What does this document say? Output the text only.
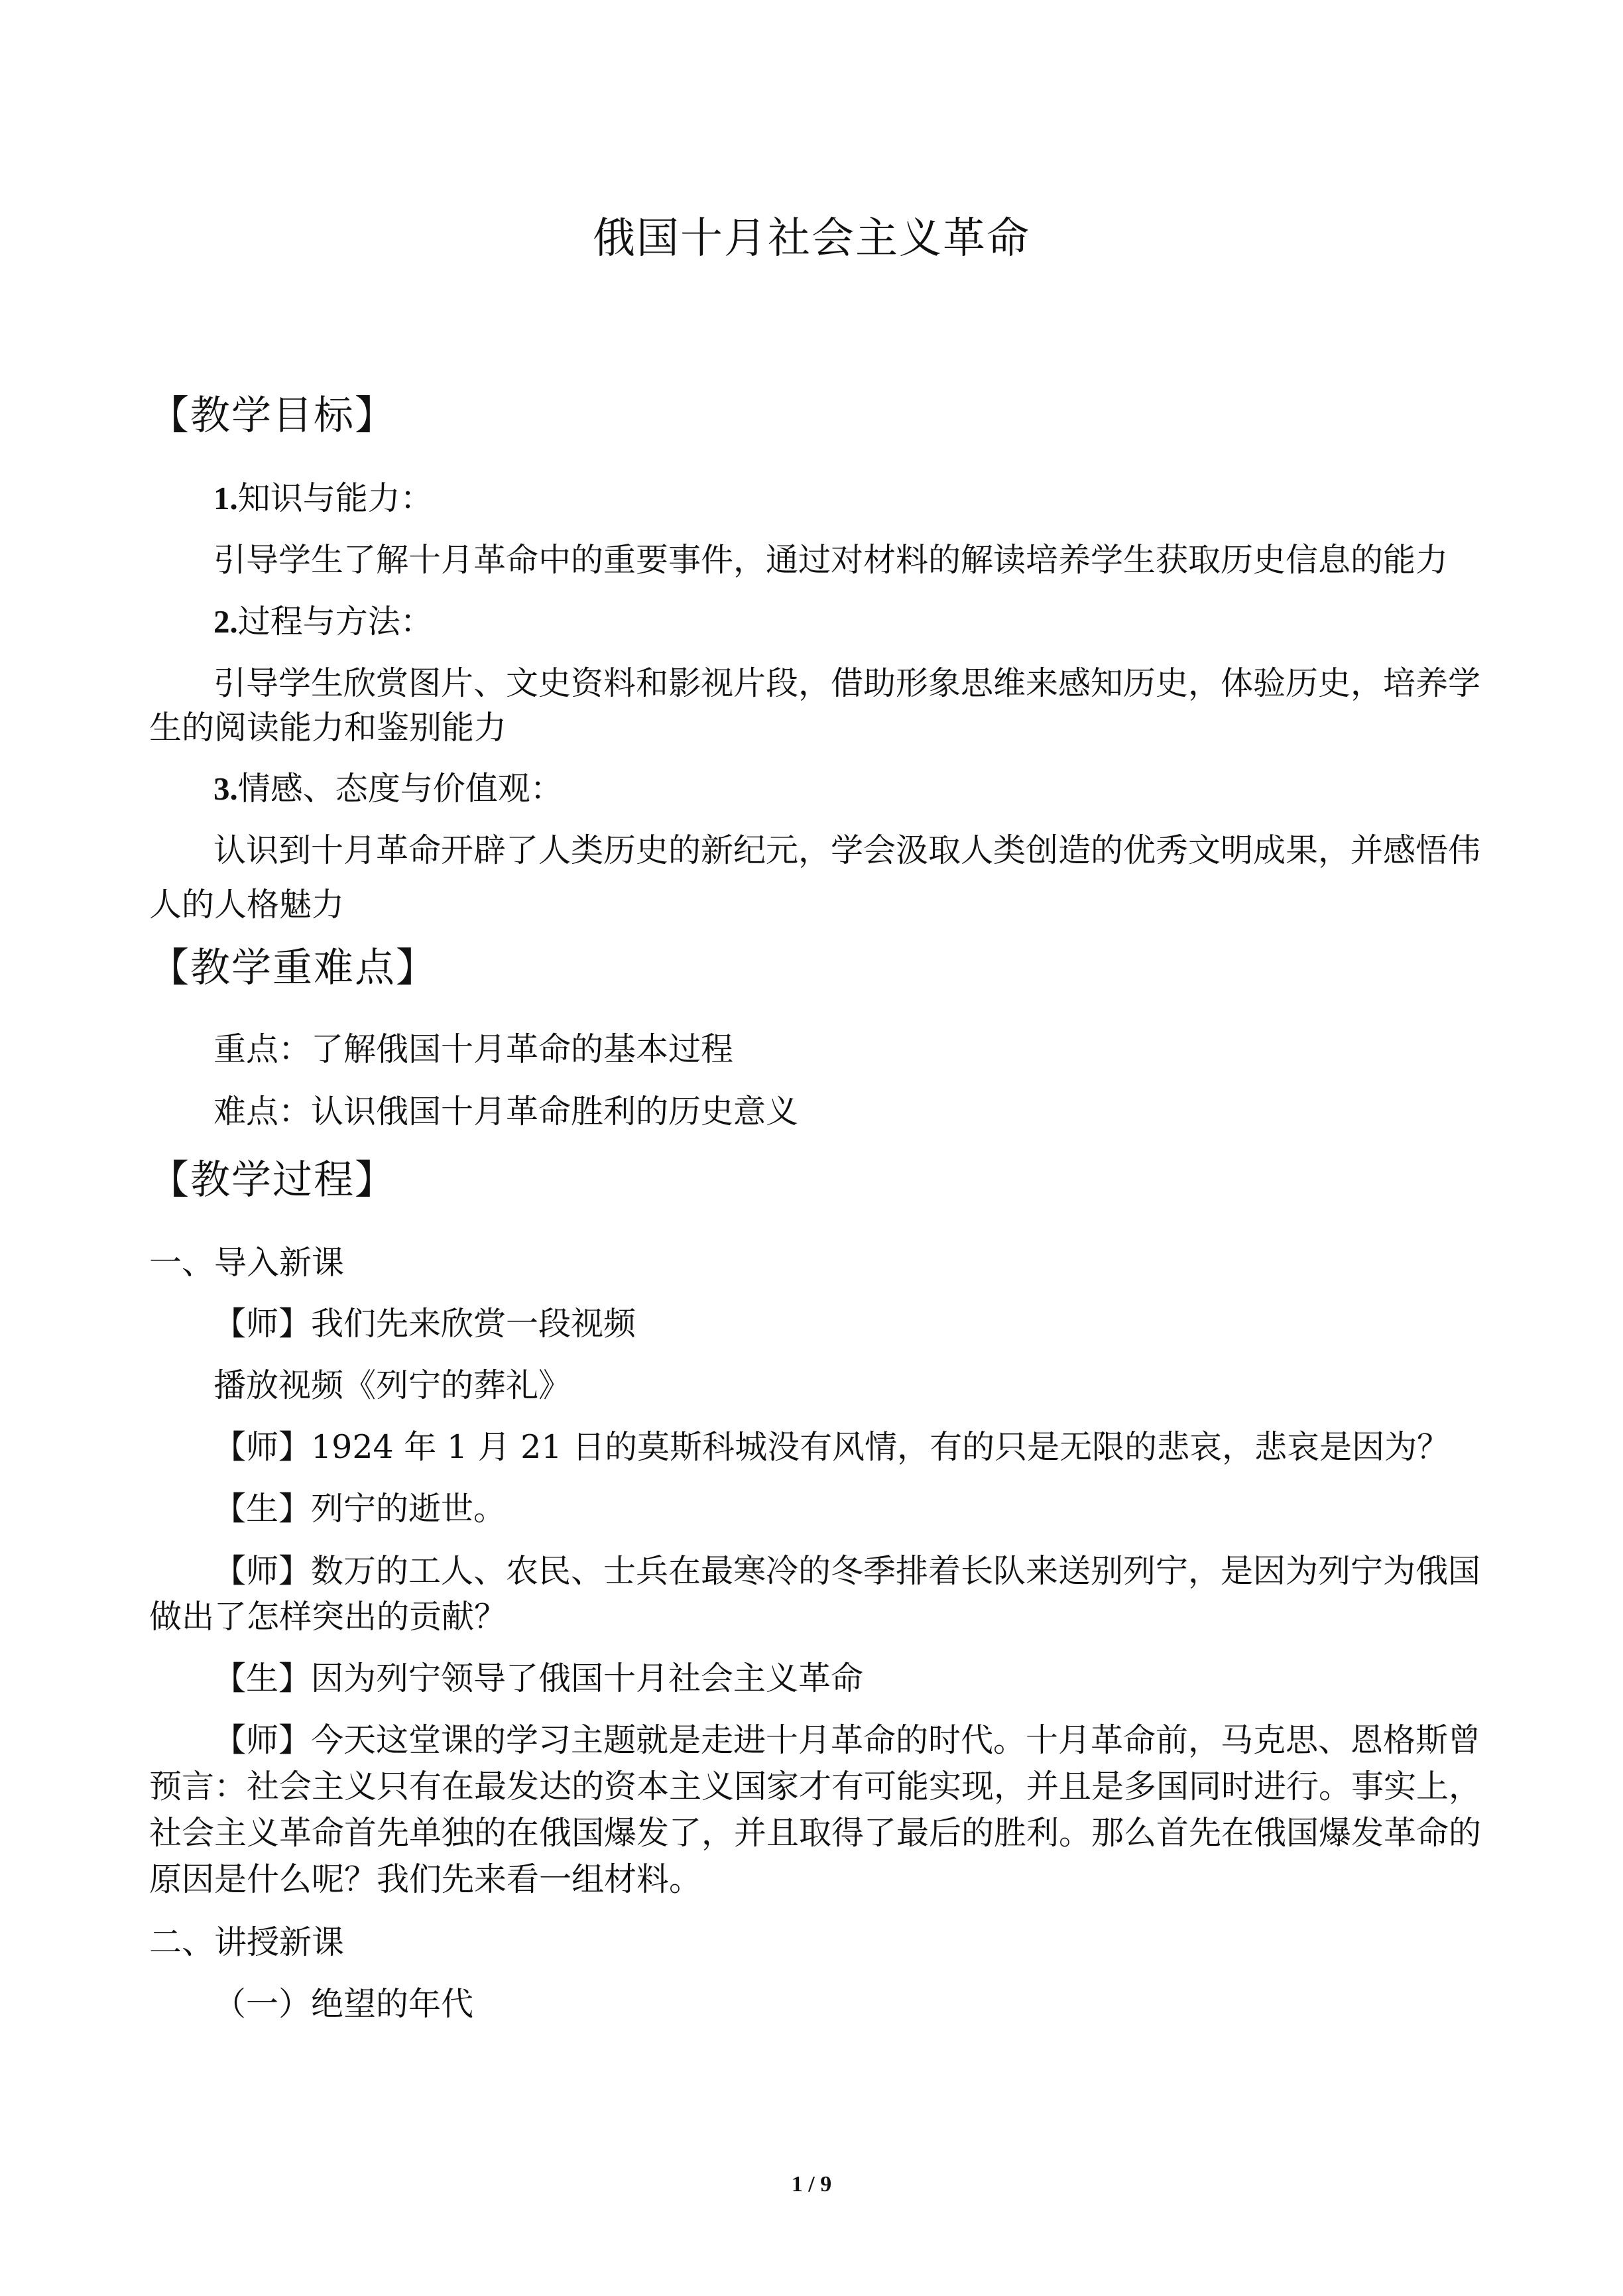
俄国十月社会主义革命
【教学目标】
1.知识与能力：
引导学生了解十月革命中的重要事件，通过对材料的解读培养学生获取历史信息的能力
2.过程与方法：
引导学生欣赏图片、文史资料和影视片段，借助形象思维来感知历史，体验历史，培养学
生的阅读能力和鉴别能力
3.情感、态度与价值观：
认识到十月革命开辟了人类历史的新纪元，学会汲取人类创造的优秀文明成果，并感悟伟
人的人格魅力
【教学重难点】
重点：了解俄国十月革命的基本过程
难点：认识俄国十月革命胜利的历史意义
【教学过程】
一、导入新课
【师】我们先来欣赏一段视频
播放视频《列宁的葬礼》
【师】1924 年 1 月 21 日的莫斯科城没有风情，有的只是无限的悲哀，悲哀是因为？
【生】列宁的逝世。
【师】数万的工人、农民、士兵在最寒冷的冬季排着长队来送别列宁，是因为列宁为俄国
做出了怎样突出的贡献？
【生】因为列宁领导了俄国十月社会主义革命
【师】今天这堂课的学习主题就是走进十月革命的时代。十月革命前，马克思、恩格斯曾
预言：社会主义只有在最发达的资本主义国家才有可能实现，并且是多国同时进行。事实上，
社会主义革命首先单独的在俄国爆发了，并且取得了最后的胜利。那么首先在俄国爆发革命的
原因是什么呢？我们先来看一组材料。
二、讲授新课
（一）绝望的年代
1 / 9
